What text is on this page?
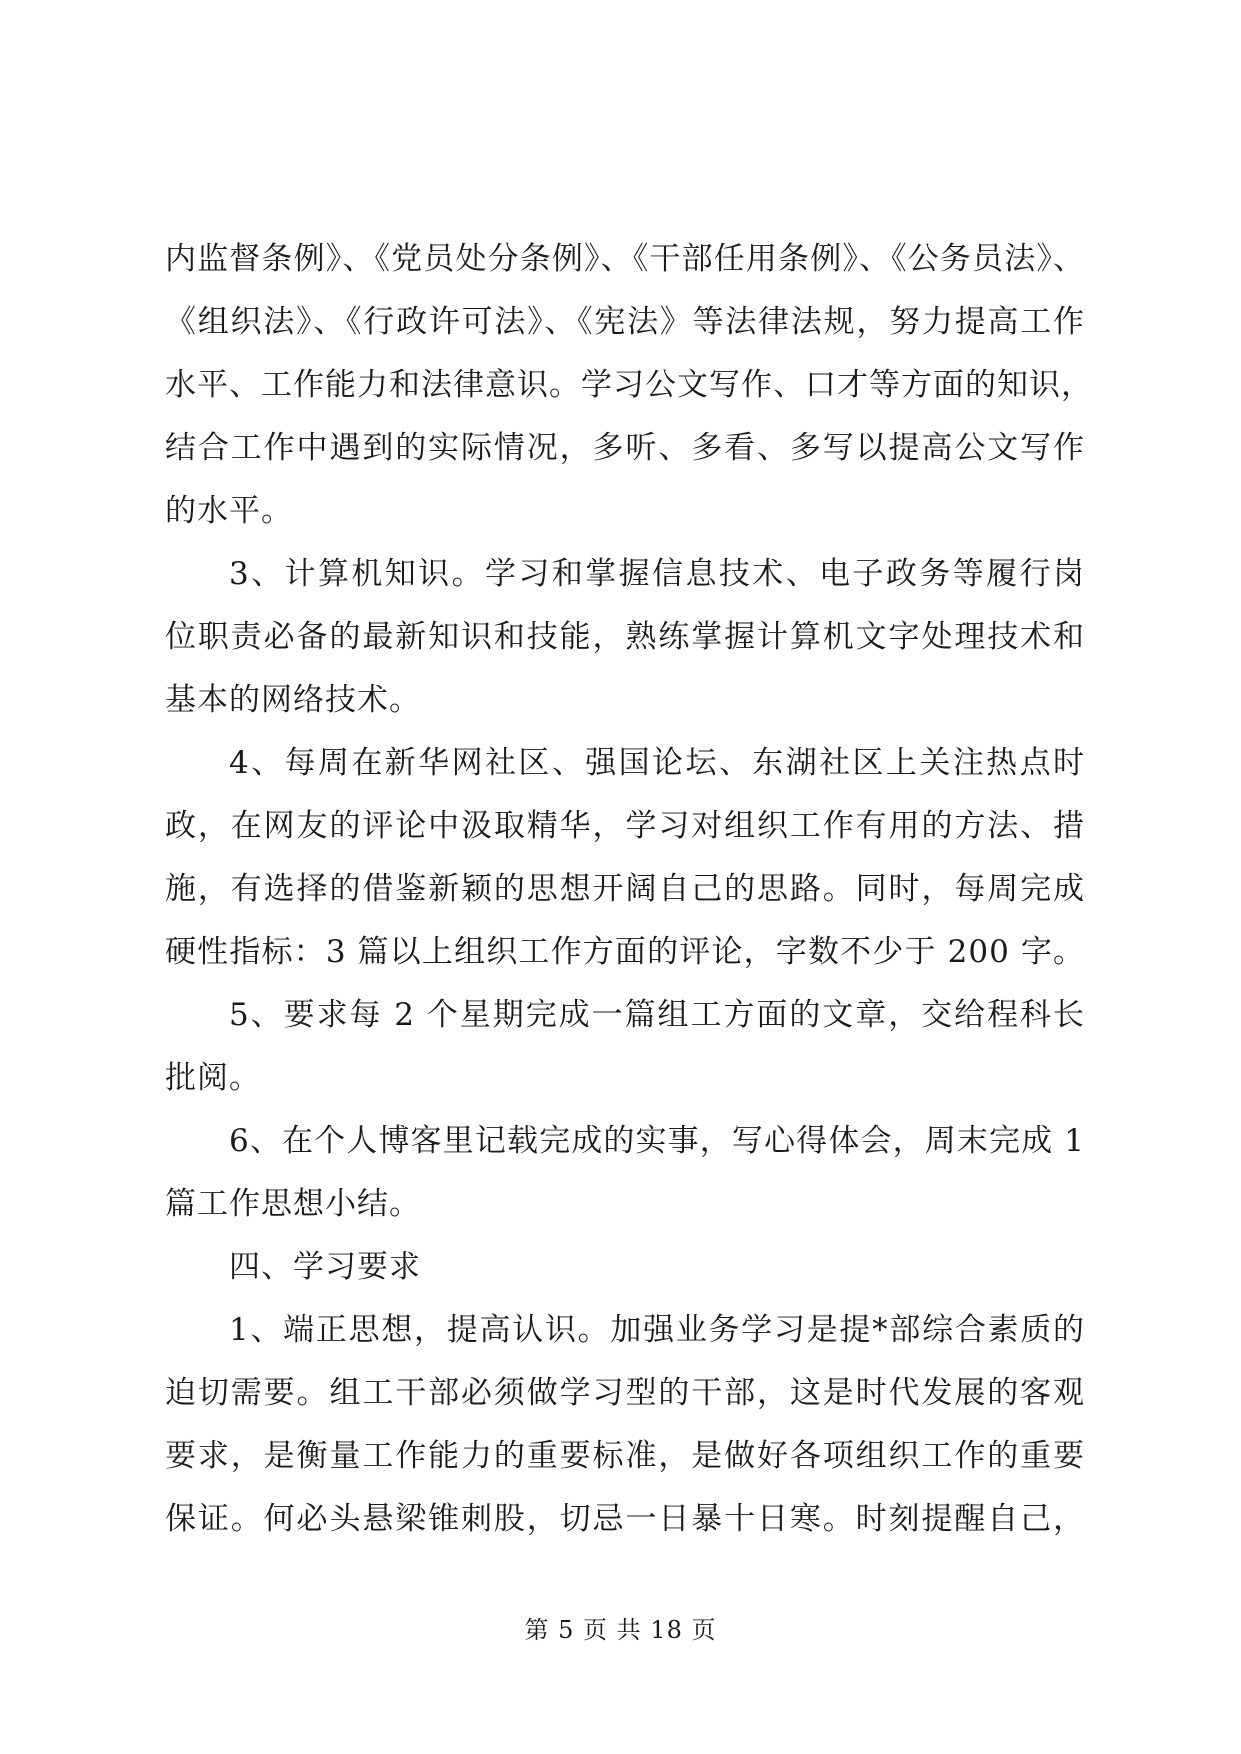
内监督条例》、《党员处分条例》、《干部任用条例》、《公务员法》、
《组织法》、《行政许可法》、《宪法》等法律法规，努力提高工作
水平、工作能力和法律意识。学习公文写作、口才等方面的知识，
结合工作中遇到的实际情况，多听、多看、多写以提高公文写作
的水平。
3、计算机知识。学习和掌握信息技术、电子政务等履行岗
位职责必备的最新知识和技能，熟练掌握计算机文字处理技术和
基本的网络技术。
4、每周在新华网社区、强国论坛、东湖社区上关注热点时
政，在网友的评论中汲取精华，学习对组织工作有用的方法、措
施，有选择的借鉴新颖的思想开阔自己的思路。同时，每周完成
硬性指标：3 篇以上组织工作方面的评论，字数不少于 200 字。
5、要求每 2 个星期完成一篇组工方面的文章，交给程科长
批阅。
6、在个人博客里记载完成的实事，写心得体会，周末完成 1
篇工作思想小结。
四、学习要求
1、端正思想，提高认识。加强业务学习是提*部综合素质的
迫切需要。组工干部必须做学习型的干部，这是时代发展的客观
要求，是衡量工作能力的重要标准，是做好各项组织工作的重要
保证。何必头悬梁锥刺股，切忌一日暴十日寒。时刻提醒自己，
第 5 页 共 18 页
